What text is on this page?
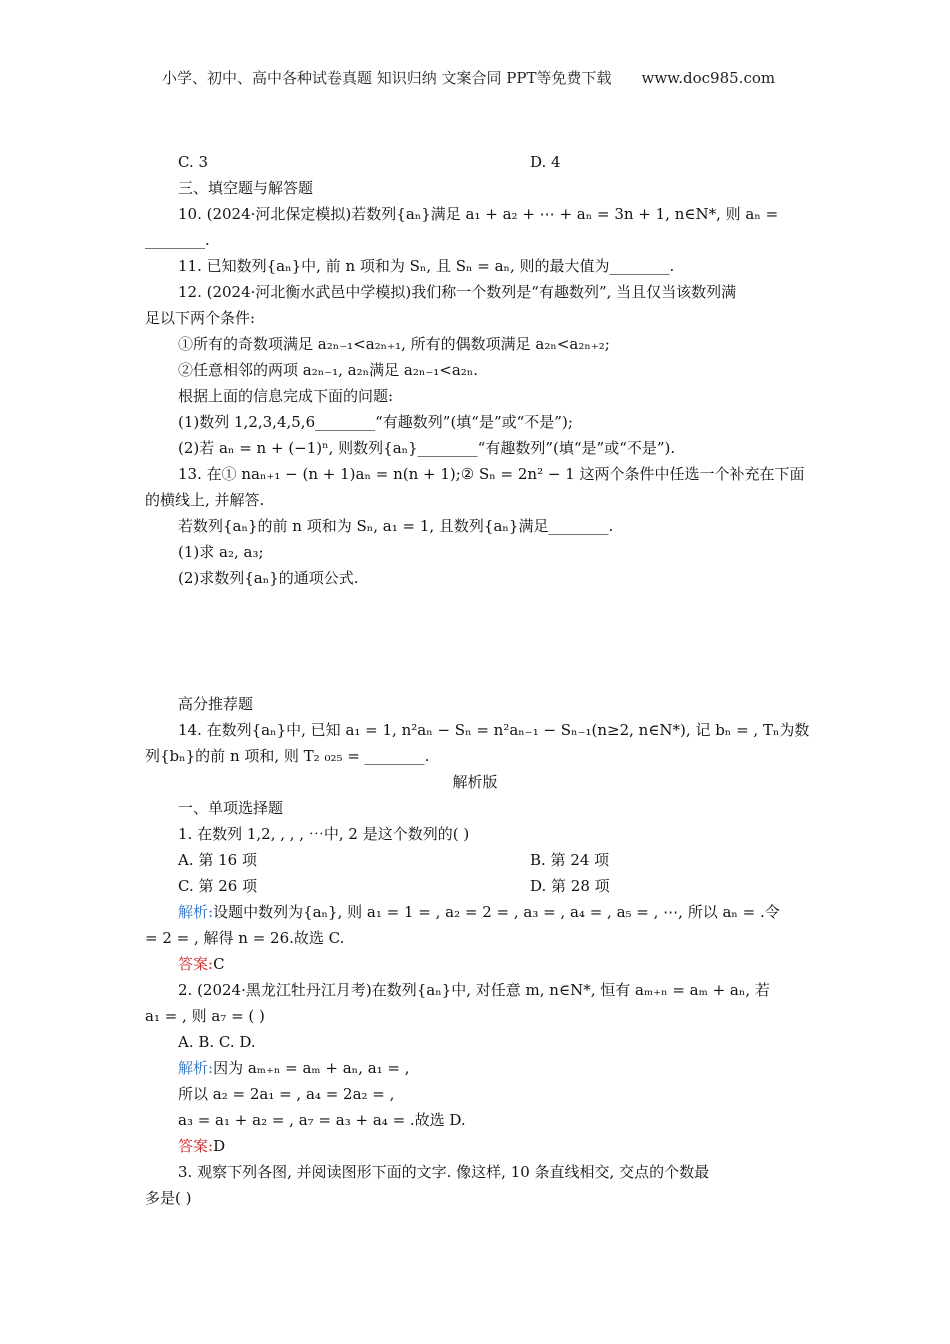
小学、初中、高中各种试卷真题 知识归纳 文案合同 PPT等免费下载 www.doc985.com
C. 3	D. 4
三、填空题与解答题
10. (2024·河北保定模拟)若数列{aₙ}满足 a₁ + a₂ + ⋯ + aₙ = 3n + 1, n∈N*, 则 aₙ =
________.
11. 已知数列{aₙ}中, 前 n 项和为 Sₙ, 且 Sₙ = aₙ, 则的最大值为________.
12. (2024·河北衡水武邑中学模拟)我们称一个数列是“有趣数列”, 当且仅当该数列满
足以下两个条件:
①所有的奇数项满足 a₂ₙ₋₁<a₂ₙ₊₁, 所有的偶数项满足 a₂ₙ<a₂ₙ₊₂;
②任意相邻的两项 a₂ₙ₋₁, a₂ₙ满足 a₂ₙ₋₁<a₂ₙ.
根据上面的信息完成下面的问题:
(1)数列 1,2,3,4,5,6________“有趣数列”(填“是”或“不是”);
(2)若 aₙ = n + (−1)ⁿ, 则数列{aₙ}________“有趣数列”(填“是”或“不是”).
13. 在① naₙ₊₁ − (n + 1)aₙ = n(n + 1);② Sₙ = 2n² − 1 这两个条件中任选一个补充在下面
的横线上, 并解答.
若数列{aₙ}的前 n 项和为 Sₙ, a₁ = 1, 且数列{aₙ}满足________.
(1)求 a₂, a₃;
(2)求数列{aₙ}的通项公式.
高分推荐题
14. 在数列{aₙ}中, 已知 a₁ = 1, n²aₙ − Sₙ = n²aₙ₋₁ − Sₙ₋₁(n≥2, n∈N*), 记 bₙ = , Tₙ为数
列{bₙ}的前 n 项和, 则 T₂ ₀₂₅ = ________.
解析版
一、单项选择题
1. 在数列 1,2, , , , ⋯中, 2 是这个数列的( )
A. 第 16 项	B. 第 24 项
C. 第 26 项	D. 第 28 项
解析:设题中数列为{aₙ}, 则 a₁ = 1 = , a₂ = 2 = , a₃ = , a₄ = , a₅ = , ⋯, 所以 aₙ = .令
= 2 = , 解得 n = 26.故选 C.
答案:C
2. (2024·黑龙江牡丹江月考)在数列{aₙ}中, 对任意 m, n∈N*, 恒有 aₘ₊ₙ = aₘ + aₙ, 若
a₁ = , 则 a₇ = ( )
A. B. C. D.
解析:因为 aₘ₊ₙ = aₘ + aₙ, a₁ = ,
所以 a₂ = 2a₁ = , a₄ = 2a₂ = ,
a₃ = a₁ + a₂ = , a₇ = a₃ + a₄ = .故选 D.
答案:D
3. 观察下列各图, 并阅读图形下面的文字. 像这样, 10 条直线相交, 交点的个数最
多是( )
